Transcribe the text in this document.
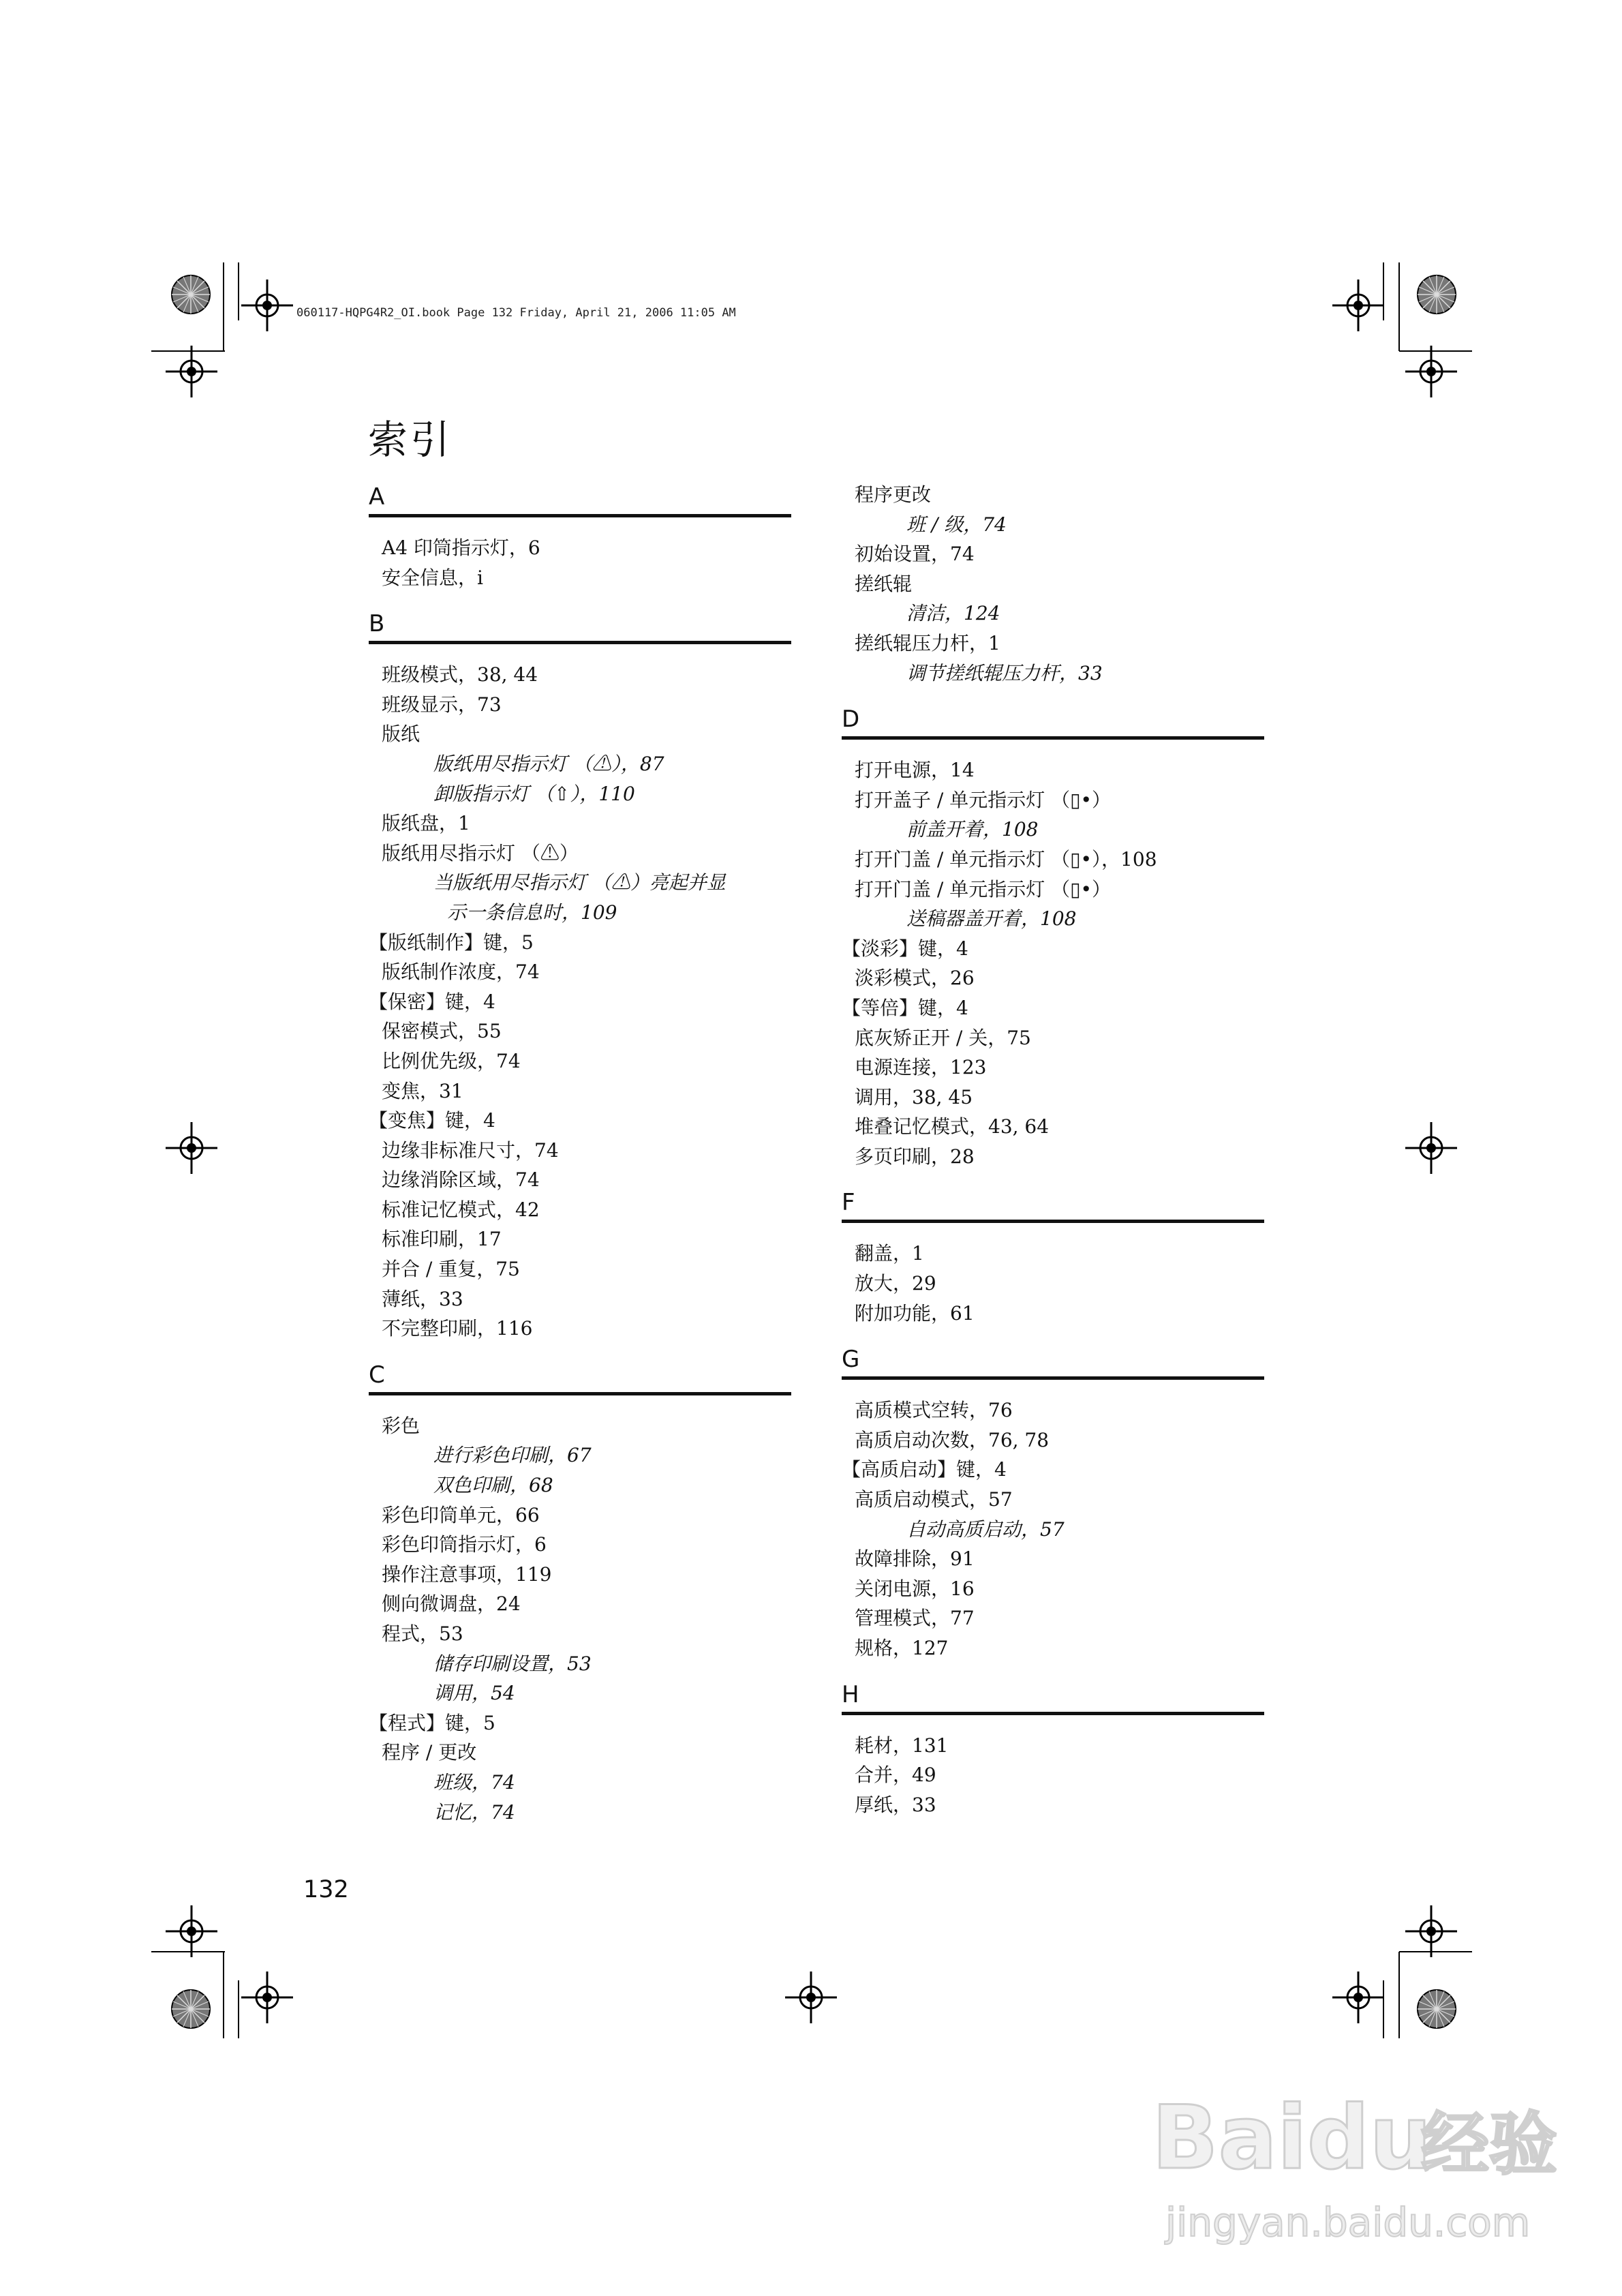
060117-HQPG4R2_OI.book Page 132 Friday, April 21, 2006 11:05 AM
索引
A
A4 印筒指示灯，6
安全信息，i
B
班级模式，38, 44
班级显示，73
版纸
版纸用尽指示灯 （⚠），87
卸版指示灯 （⇧），110
版纸盘，1
版纸用尽指示灯 （⚠）
当版纸用尽指示灯 （⚠）亮起并显
示一条信息时，109
【版纸制作】键，5
版纸制作浓度，74
【保密】键，4
保密模式，55
比例优先级，74
变焦，31
【变焦】键，4
边缘非标准尺寸，74
边缘消除区域，74
标准记忆模式，42
标准印刷，17
并合 / 重复，75
薄纸，33
不完整印刷，116
C
彩色
进行彩色印刷，67
双色印刷，68
彩色印筒单元，66
彩色印筒指示灯，6
操作注意事项，119
侧向微调盘，24
程式，53
储存印刷设置，53
调用，54
【程式】键，5
程序 / 更改
班级，74
记忆，74
程序更改
班 / 级，74
初始设置，74
搓纸辊
清洁，124
搓纸辊压力杆，1
调节搓纸辊压力杆，33
D
打开电源，14
打开盖子 / 单元指示灯 （▯•）
前盖开着，108
打开门盖 / 单元指示灯 （▯•），108
打开门盖 / 单元指示灯 （▯•）
送稿器盖开着，108
【淡彩】键，4
淡彩模式，26
【等倍】键，4
底灰矫正开 / 关，75
电源连接，123
调用，38, 45
堆叠记忆模式，43, 64
多页印刷，28
F
翻盖，1
放大，29
附加功能，61
G
高质模式空转，76
高质启动次数，76, 78
【高质启动】键，4
高质启动模式，57
自动高质启动，57
故障排除，91
关闭电源，16
管理模式，77
规格，127
H
耗材，131
合并，49
厚纸，33
132
Baidu
经验
jingyan.baidu.com
